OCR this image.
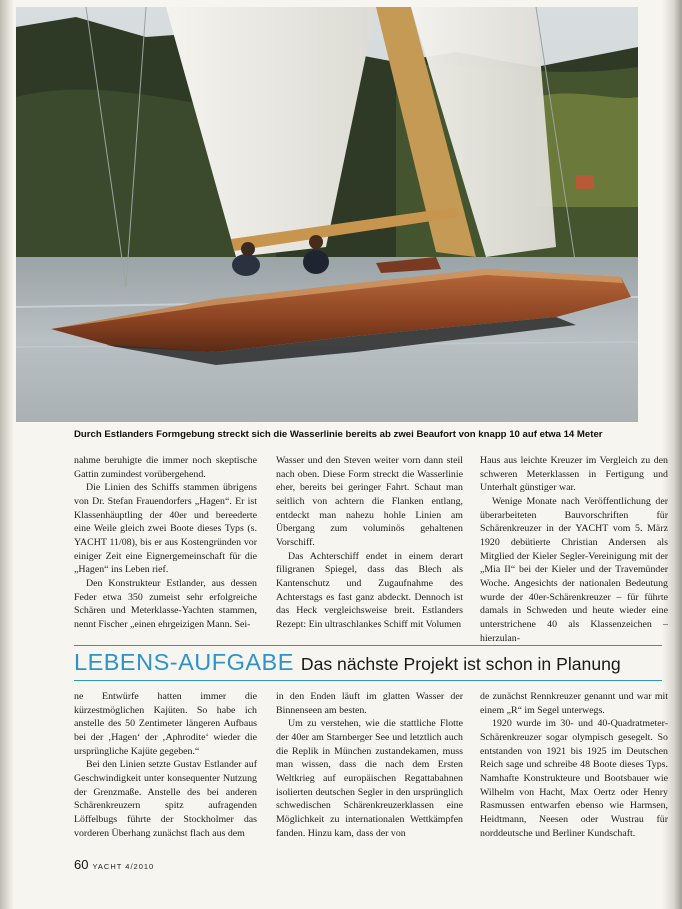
Durch Estlanders Formgebung streckt sich die Wasserlinie bereits ab zwei Beaufort von knapp 10 auf etwa 14 Meter

nahme beruhigte die immer noch skeptische Gattin zumindest vorübergehend.

Die Linien des Schiffs stammen übrigens von Dr. Stefan Frauendorfers „Hagen“. Er ist Klassenhäuptling der 40er und bereederte eine Weile gleich zwei Boote dieses Typs (s. YACHT 11/08), bis er aus Kostengründen vor einiger Zeit eine Eignergemeinschaft für die „Hagen“ ins Leben rief.

Den Konstrukteur Estlander, aus dessen Feder etwa 350 zumeist sehr erfolgreiche Schären und Meterklasse-Yachten stammen, nennt Fischer „einen ehrgeizigen Mann. Sei-

Wasser und den Steven weiter vorn dann steil nach oben. Diese Form streckt die Wasserlinie eher, bereits bei geringer Fahrt. Schaut man seitlich von achtern die Flanken entlang, entdeckt man nahezu hohle Linien am Übergang zum voluminös gehaltenen Vorschiff.

Das Achterschiff endet in einem derart filigranen Spiegel, dass das Blech als Kantenschutz und Zugaufnahme des Achterstags es fast ganz abdeckt. Dennoch ist das Heck vergleichsweise breit. Estlanders Rezept: Ein ultraschlankes Schiff mit Volumen

Haus aus leichte Kreuzer im Vergleich zu den schweren Meterklassen in Fertigung und Unterhalt günstiger war.

Wenige Monate nach Veröffentlichung der überarbeiteten Bauvorschriften für Schärenkreuzer in der YACHT vom 5. März 1920 debütierte Christian Andersen als Mitglied der Kieler Segler-Vereinigung mit der „Mia II“ bei der Kieler und der Travemünder Woche. Angesichts der nationalen Bedeutung wurde der 40er-Schärenkreuzer – für führte damals in Schweden und heute wieder eine unterstrichene 40 als Klassenzeichen – hierzulan-

LEBENS-AUFGABE Das nächste Projekt ist schon in Planung

ne Entwürfe hatten immer die kürzestmöglichen Kajüten. So habe ich anstelle des 50 Zentimeter längeren Aufbaus bei der ‚Hagen‘ der ‚Aphrodite‘ wieder die ursprüngliche Kajüte gegeben.“

Bei den Linien setzte Gustav Estlander auf Geschwindigkeit unter konsequenter Nutzung der Grenzmaße. Anstelle des bei anderen Schärenkreuzern spitz aufragenden Löffelbugs führte der Stockholmer das vorderen Überhang zunächst flach aus dem

in den Enden läuft im glatten Wasser der Binnenseen am besten.

Um zu verstehen, wie die stattliche Flotte der 40er am Starnberger See und letztlich auch die Replik in München zustandekamen, muss man wissen, dass die nach dem Ersten Weltkrieg auf europäischen Regattabahnen isolierten deutschen Segler in den ursprünglich schwedischen Schärenkreuzerklassen eine Möglichkeit zu internationalen Wettkämpfen fanden. Hinzu kam, dass der von

de zunächst Rennkreuzer genannt und war mit einem „R“ im Segel unterwegs.

1920 wurde im 30- und 40-Quadratmeter-Schärenkreuzer sogar olympisch gesegelt. So entstanden von 1921 bis 1925 im Deutschen Reich sage und schreibe 48 Boote dieses Typs. Namhafte Konstrukteure und Bootsbauer wie Wilhelm von Hacht, Max Oertz oder Henry Rasmussen entwarfen ebenso wie Harmsen, Heidtmann, Neesen oder Wustrau für norddeutsche und Berliner Kundschaft.

60 YACHT 4/2010
